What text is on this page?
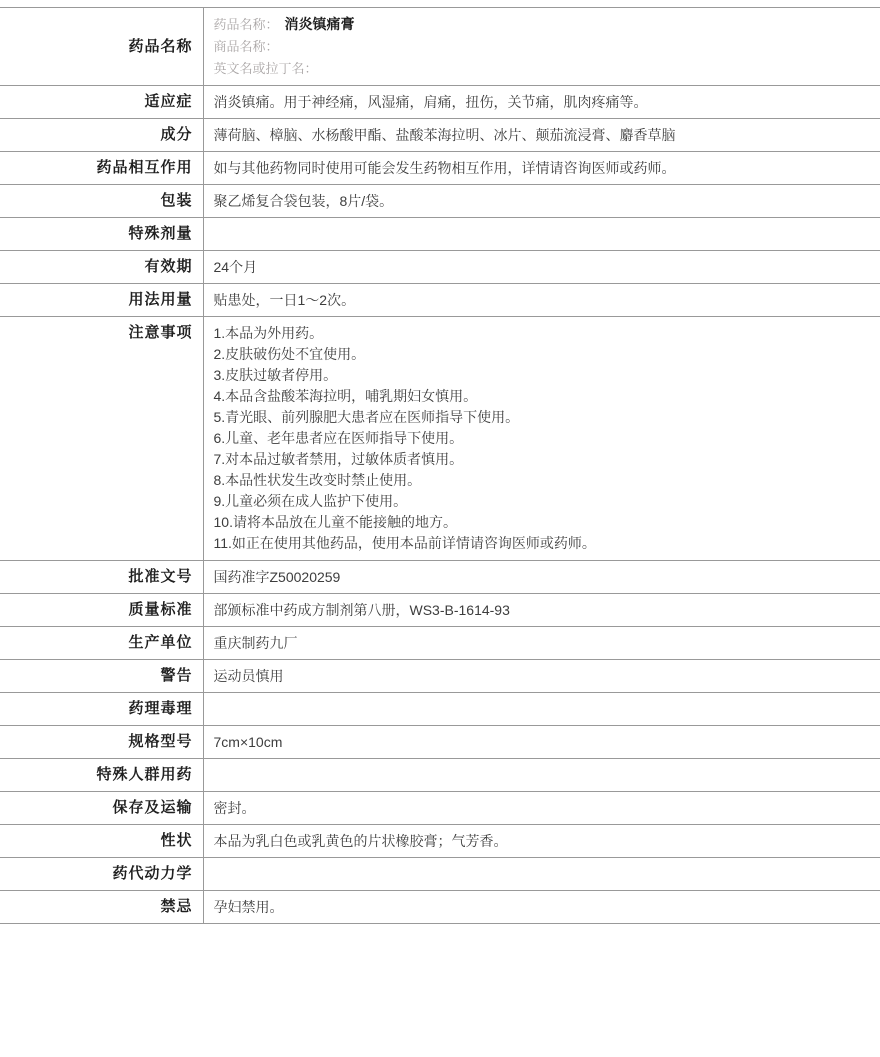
药品名称	药品名称： 消炎镇痛膏
商品名称：
英文名或拉丁名：

适应症	消炎镇痛。用于神经痛，风湿痛，肩痛，扭伤，关节痛，肌肉疼痛等。
成分	薄荷脑、樟脑、水杨酸甲酯、盐酸苯海拉明、冰片、颠茄流浸膏、麝香草脑
药品相互作用	如与其他药物同时使用可能会发生药物相互作用，详情请咨询医师或药师。
包装	聚乙烯复合袋包装，8片/袋。
特殊剂量	
有效期	24个月
用法用量	贴患处，一日1～2次。
注意事项	1.本品为外用药。
2.皮肤破伤处不宜使用。
3.皮肤过敏者停用。
4.本品含盐酸苯海拉明，哺乳期妇女慎用。
5.青光眼、前列腺肥大患者应在医师指导下使用。
6.儿童、老年患者应在医师指导下使用。
7.对本品过敏者禁用，过敏体质者慎用。
8.本品性状发生改变时禁止使用。
9.儿童必须在成人监护下使用。
10.请将本品放在儿童不能接触的地方。
11.如正在使用其他药品，使用本品前详情请咨询医师或药师。

批准文号	国药准字Z50020259
质量标准	部颁标准中药成方制剂第八册，WS3-B-1614-93
生产单位	重庆制药九厂
警告	运动员慎用
药理毒理	
规格型号	7cm×10cm
特殊人群用药	
保存及运输	密封。
性状	本品为乳白色或乳黄色的片状橡胶膏；气芳香。
药代动力学	
禁忌	孕妇禁用。
